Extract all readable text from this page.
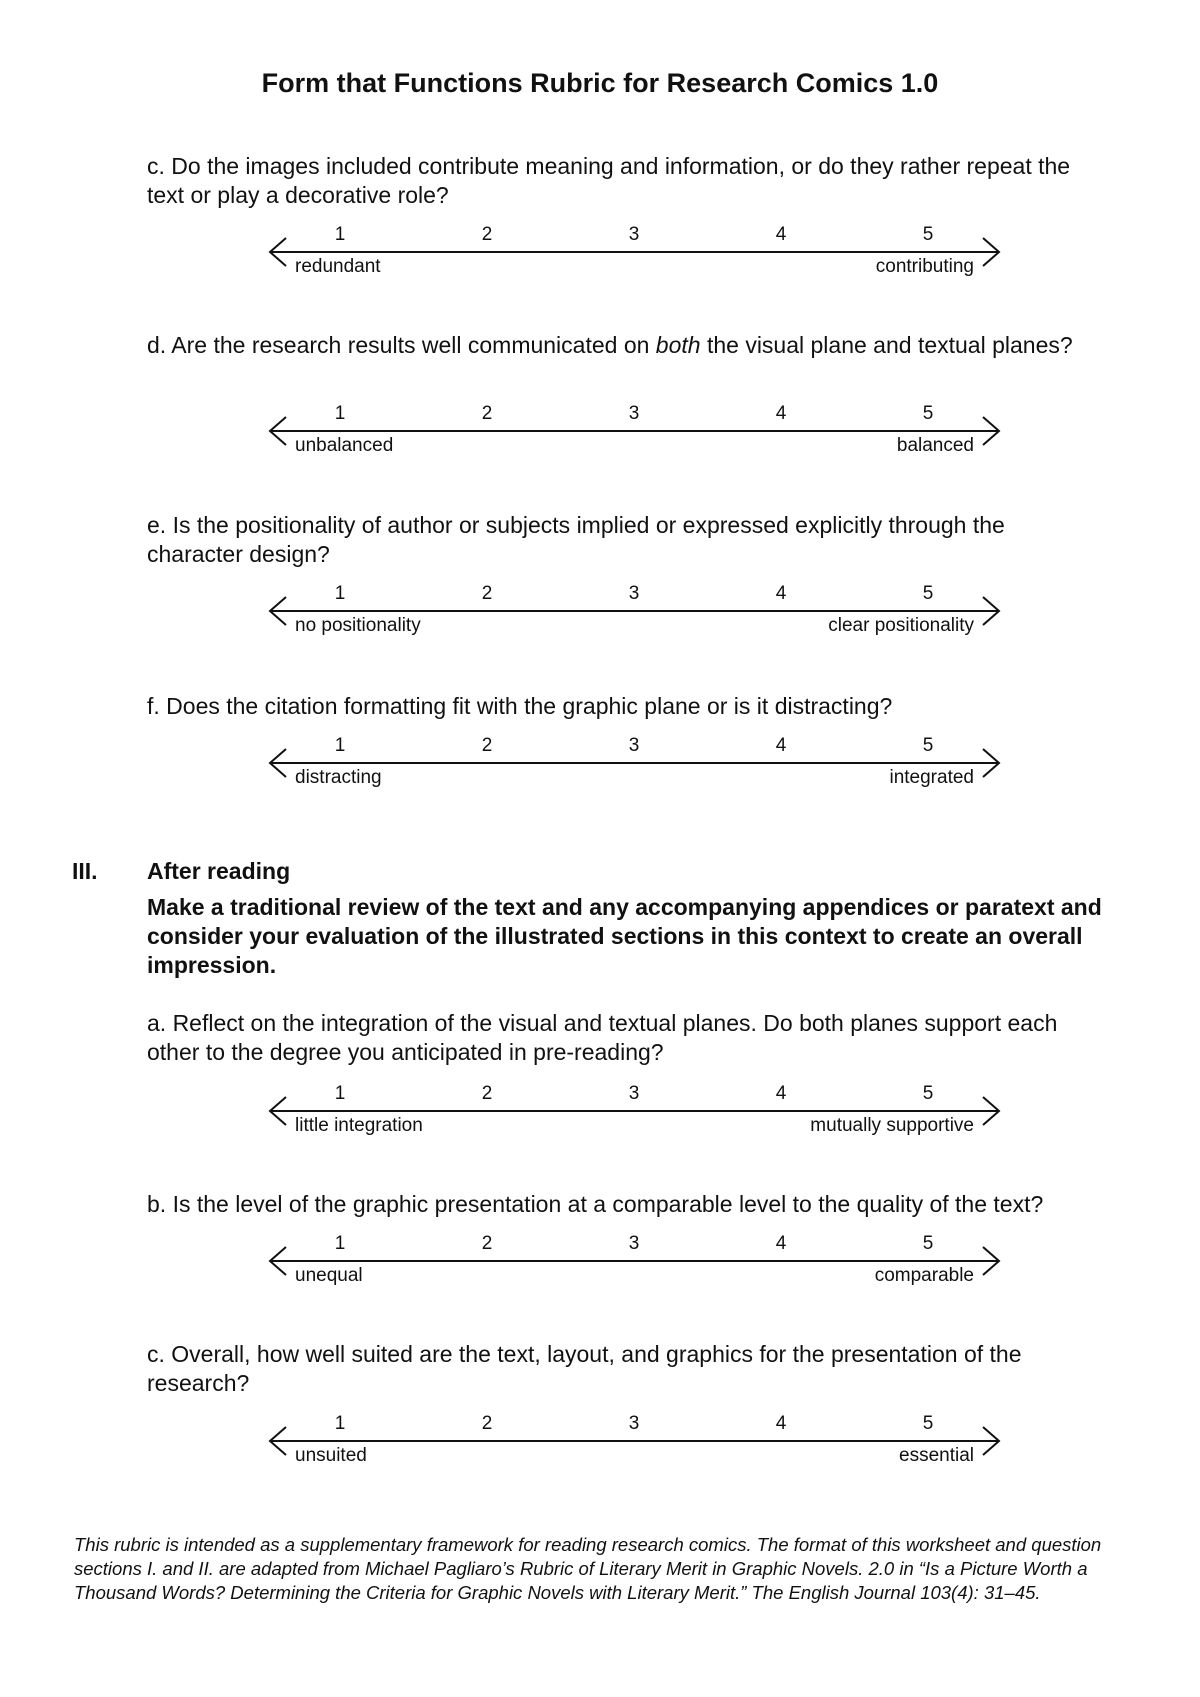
Form that Functions Rubric for Research Comics 1.0
c. Do the images included contribute meaning and information, or do they rather repeat the text or play a decorative role?
1	2	3	4	5
redundant	contributing
d. Are the research results well communicated on both the visual plane and textual planes?
1	2	3	4	5
unbalanced	balanced
e. Is the positionality of author or subjects implied or expressed explicitly through the character design?
1	2	3	4	5
no positionality	clear positionality
f. Does the citation formatting fit with the graphic plane or is it distracting?
1	2	3	4	5
distracting	integrated
III. After reading
Make a traditional review of the text and any accompanying appendices or paratext and consider your evaluation of the illustrated sections in this context to create an overall impression.
a. Reflect on the integration of the visual and textual planes. Do both planes support each other to the degree you anticipated in pre-reading?
1	2	3	4	5
little integration	mutually supportive
b. Is the level of the graphic presentation at a comparable level to the quality of the text?
1	2	3	4	5
unequal	comparable
c. Overall, how well suited are the text, layout, and graphics for the presentation of the research?
1	2	3	4	5
unsuited	essential
This rubric is intended as a supplementary framework for reading research comics. The format of this worksheet and question sections I. and II. are adapted from Michael Pagliaro’s Rubric of Literary Merit in Graphic Novels. 2.0 in “Is a Picture Worth a Thousand Words? Determining the Criteria for Graphic Novels with Literary Merit.” The English Journal 103(4): 31–45.
